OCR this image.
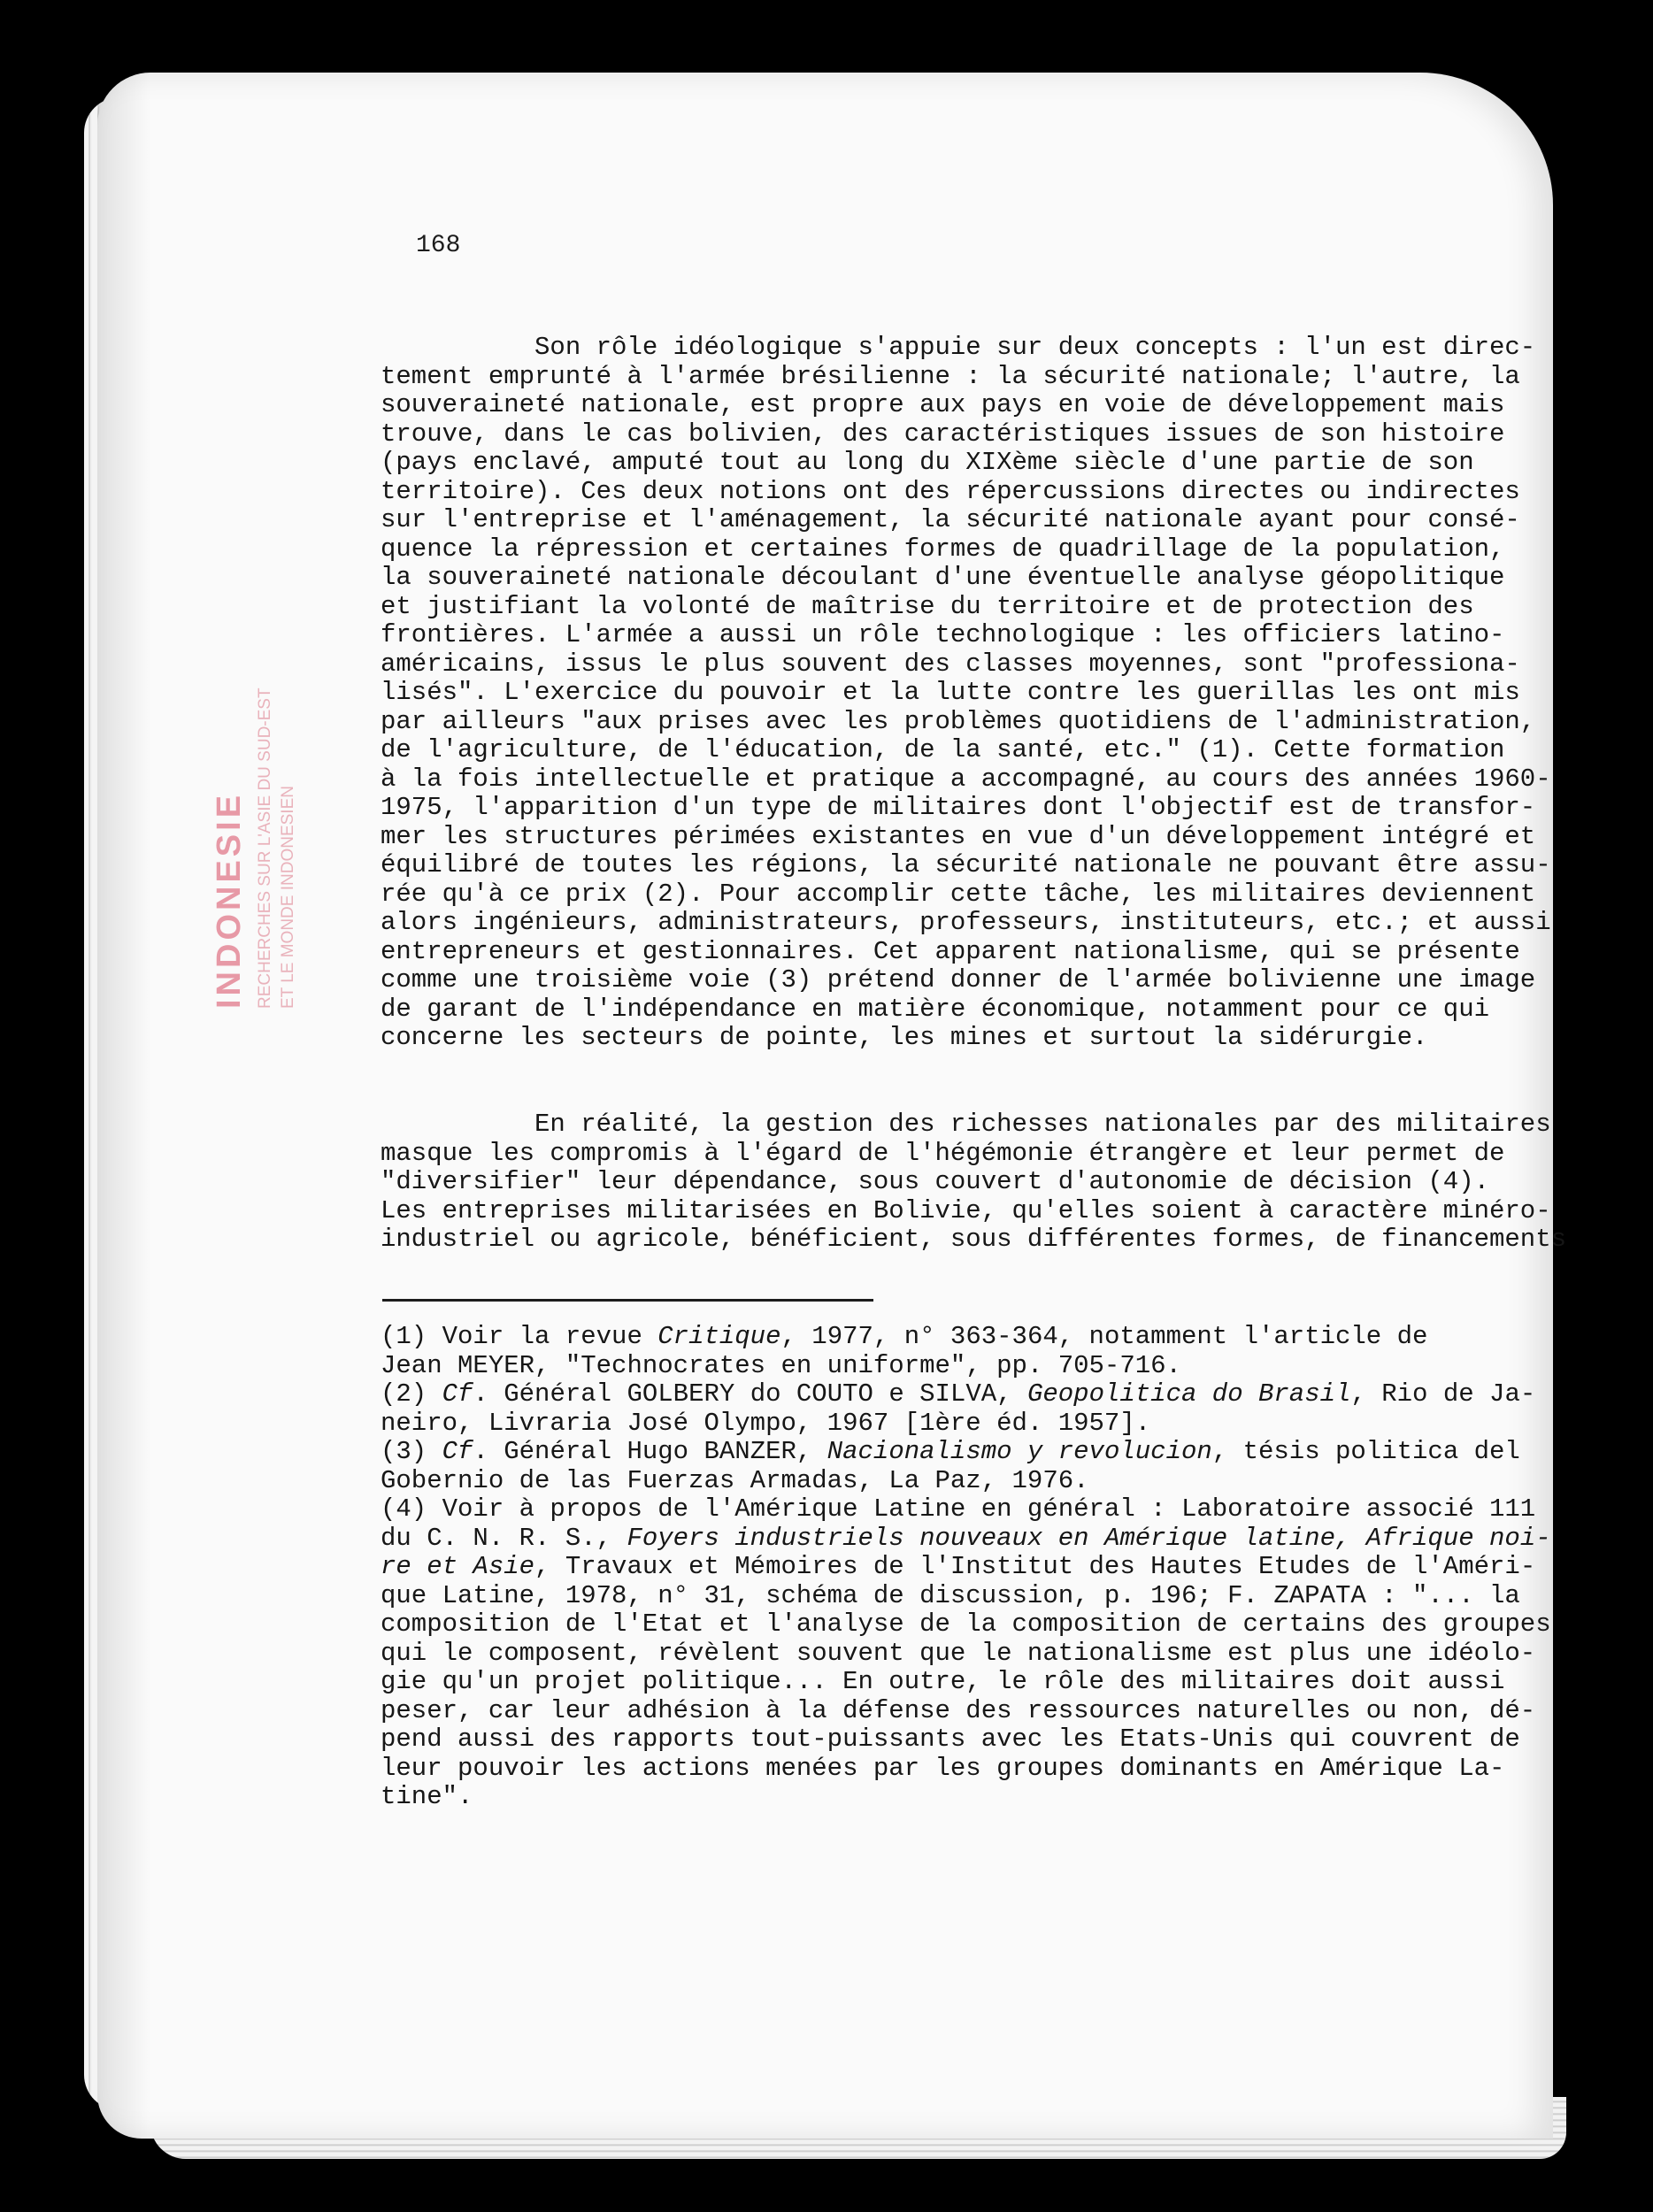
INDONESIE RECHERCHES SUR L'ASIE DU SUD-EST ET LE MONDE INDONESIEN

168

Son rôle idéologique s'appuie sur deux concepts : l'un est direc-
tement emprunté à l'armée brésilienne : la sécurité nationale; l'autre, la
souveraineté nationale, est propre aux pays en voie de développement mais
trouve, dans le cas bolivien, des caractéristiques issues de son histoire
(pays enclavé, amputé tout au long du XIXème siècle d'une partie de son
territoire). Ces deux notions ont des répercussions directes ou indirectes
sur l'entreprise et l'aménagement, la sécurité nationale ayant pour consé-
quence la répression et certaines formes de quadrillage de la population,
la souveraineté nationale découlant d'une éventuelle analyse géopolitique
et justifiant la volonté de maîtrise du territoire et de protection des
frontières. L'armée a aussi un rôle technologique : les officiers latino-
américains, issus le plus souvent des classes moyennes, sont "professiona-
lisés". L'exercice du pouvoir et la lutte contre les guerillas les ont mis
par ailleurs "aux prises avec les problèmes quotidiens de l'administration,
de l'agriculture, de l'éducation, de la santé, etc." (1). Cette formation
à la fois intellectuelle et pratique a accompagné, au cours des années 1960-
1975, l'apparition d'un type de militaires dont l'objectif est de transfor-
mer les structures périmées existantes en vue d'un développement intégré et
équilibré de toutes les régions, la sécurité nationale ne pouvant être assu-
rée qu'à ce prix (2). Pour accomplir cette tâche, les militaires deviennent
alors ingénieurs, administrateurs, professeurs, instituteurs, etc.; et aussi
entrepreneurs et gestionnaires. Cet apparent nationalisme, qui se présente
comme une troisième voie (3) prétend donner de l'armée bolivienne une image
de garant de l'indépendance en matière économique, notamment pour ce qui
concerne les secteurs de pointe, les mines et surtout la sidérurgie.
En réalité, la gestion des richesses nationales par des militaires
masque les compromis à l'égard de l'hégémonie étrangère et leur permet de
"diversifier" leur dépendance, sous couvert d'autonomie de décision (4).
Les entreprises militarisées en Bolivie, qu'elles soient à caractère minéro-
industriel ou agricole, bénéficient, sous différentes formes, de financements
(1) Voir la revue Critique, 1977, n° 363-364, notamment l'article de
Jean MEYER, "Technocrates en uniforme", pp. 705-716.
(2) Cf. Général GOLBERY do COUTO e SILVA, Geopolitica do Brasil, Rio de Ja-
neiro, Livraria José Olympo, 1967 [1ère éd. 1957].
(3) Cf. Général Hugo BANZER, Nacionalismo y revolucion, tésis politica del
Gobernio de las Fuerzas Armadas, La Paz, 1976.
(4) Voir à propos de l'Amérique Latine en général : Laboratoire associé 111
du C. N. R. S., Foyers industriels nouveaux en Amérique latine, Afrique noi-
re et Asie, Travaux et Mémoires de l'Institut des Hautes Etudes de l'Améri-
que Latine, 1978, n° 31, schéma de discussion, p. 196; F. ZAPATA : "... la
composition de l'Etat et l'analyse de la composition de certains des groupes
qui le composent, révèlent souvent que le nationalisme est plus une idéolo-
gie qu'un projet politique... En outre, le rôle des militaires doit aussi
peser, car leur adhésion à la défense des ressources naturelles ou non, dé-
pend aussi des rapports tout-puissants avec les Etats-Unis qui couvrent de
leur pouvoir les actions menées par les groupes dominants en Amérique La-
tine".
